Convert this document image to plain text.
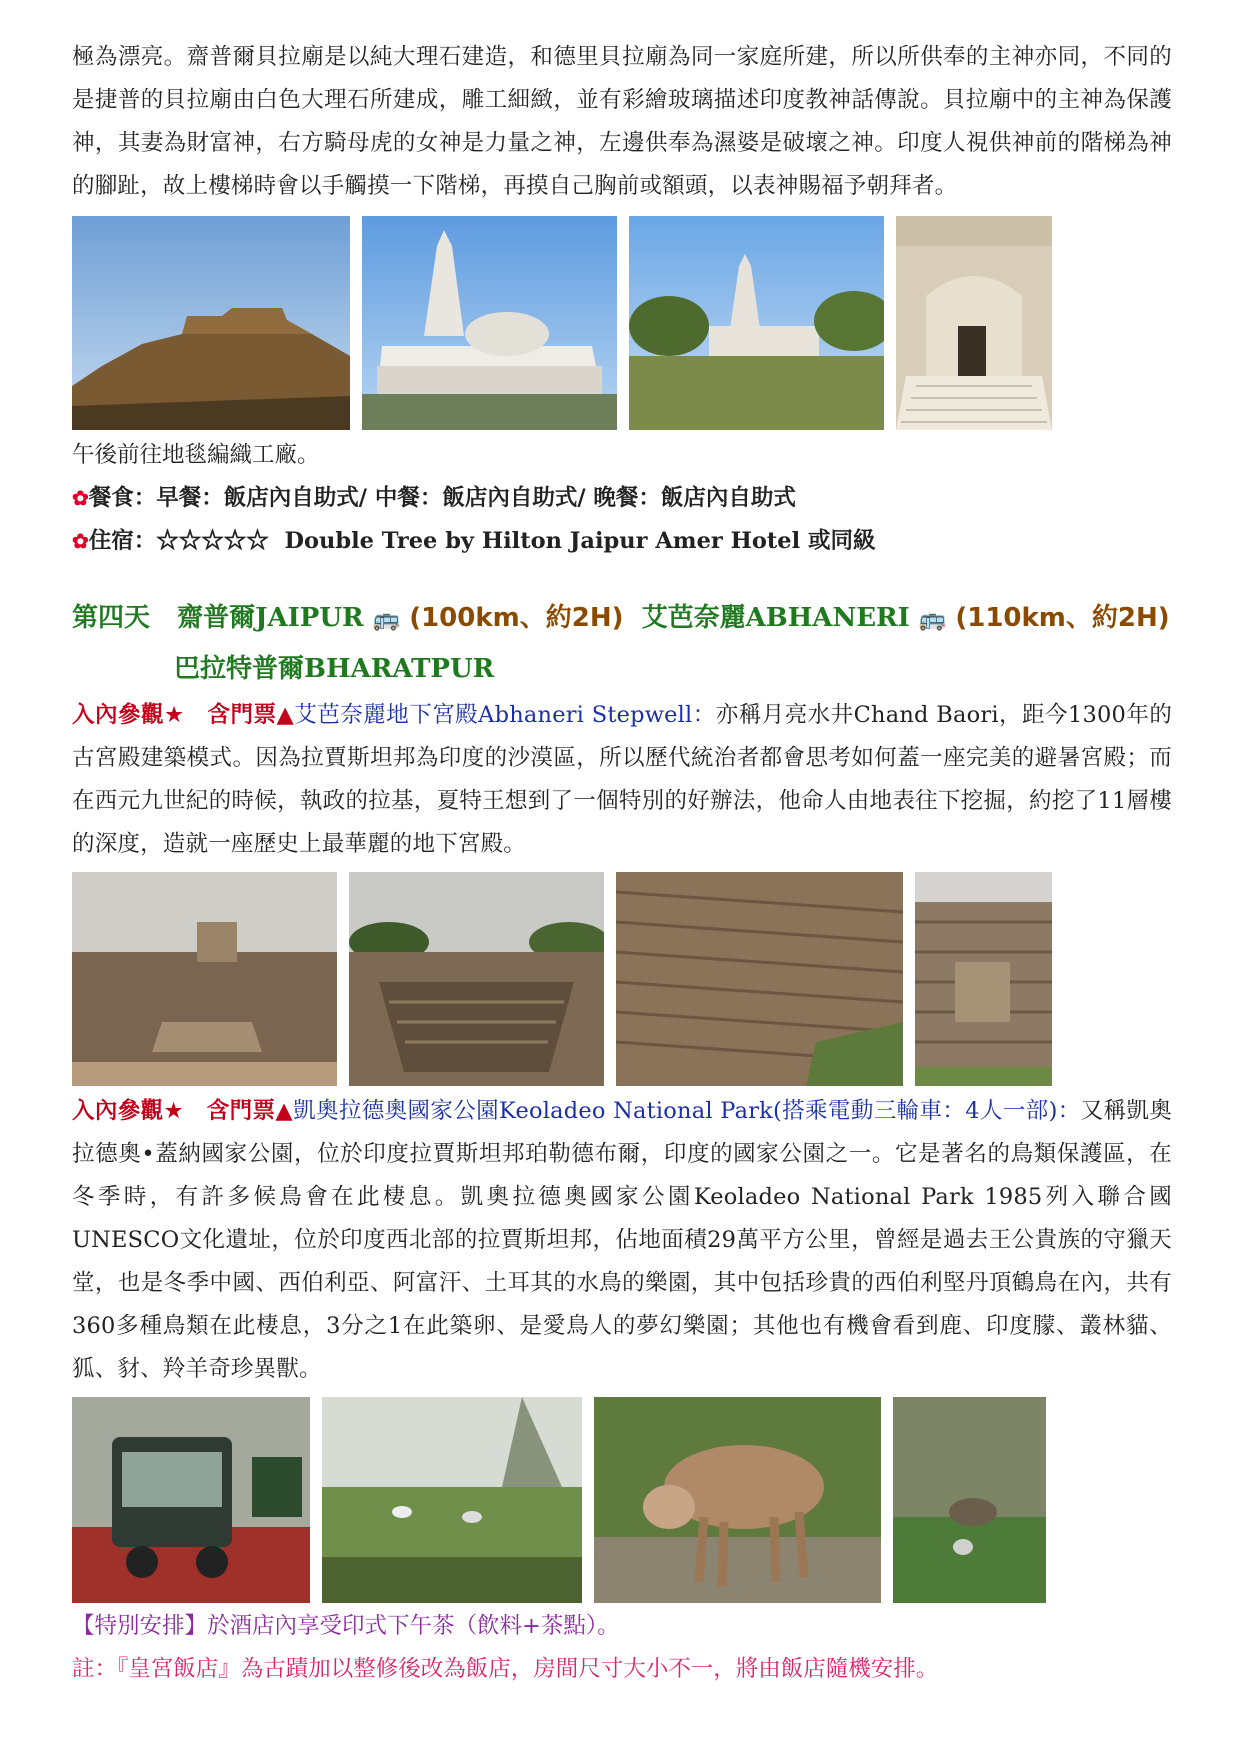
極為漂亮。齋普爾貝拉廟是以純大理石建造，和德里貝拉廟為同一家庭所建，所以所供奉的主神亦同，不同的是捷普的貝拉廟由白色大理石所建成，雕工細緻，並有彩繪玻璃描述印度教神話傳說。貝拉廟中的主神為保護神，其妻為財富神，右方騎母虎的女神是力量之神，左邊供奉為濕婆是破壞之神。印度人視供神前的階梯為神的腳趾，故上樓梯時會以手觸摸一下階梯，再摸自己胸前或額頭，以表神賜福予朝拜者。

午後前往地毯編織工廠。

✿餐食：早餐：飯店內自助式/ 中餐：飯店內自助式/ 晚餐：飯店內自助式

✿住宿：☆☆☆☆☆ Double Tree by Hilton Jaipur Amer Hotel 或同級

第四天 齋普爾JAIPUR 🚌 (100km、約2H) 艾芭奈麗ABHANERI 🚌 (110km、約2H)

巴拉特普爾BHARATPUR

入內參觀★ 含門票▲艾芭奈麗地下宮殿Abhaneri Stepwell：亦稱月亮水井Chand Baori，距今1300年的古宮殿建築模式。因為拉賈斯坦邦為印度的沙漠區，所以歷代統治者都會思考如何蓋一座完美的避暑宮殿；而在西元九世紀的時候，執政的拉基，夏特王想到了一個特別的好辦法，他命人由地表往下挖掘，約挖了11層樓的深度，造就一座歷史上最華麗的地下宮殿。

入內參觀★ 含門票▲凱奧拉德奧國家公園Keoladeo National Park(搭乘電動三輪車：4人一部)：又稱凱奧拉德奧•蓋納國家公園，位於印度拉賈斯坦邦珀勒德布爾，印度的國家公園之一。它是著名的鳥類保護區，在冬季時，有許多候鳥會在此棲息。凱奧拉德奧國家公園Keoladeo National Park 1985列入聯合國UNESCO文化遺址，位於印度西北部的拉賈斯坦邦，佔地面積29萬平方公里，曾經是過去王公貴族的守獵天堂，也是冬季中國、西伯利亞、阿富汗、土耳其的水鳥的樂園，其中包括珍貴的西伯利堅丹頂鶴鳥在內，共有360多種鳥類在此棲息，3分之1在此築卵、是愛鳥人的夢幻樂園；其他也有機會看到鹿、印度朦、叢林貓、狐、豺、羚羊奇珍異獸。

【特別安排】於酒店內享受印式下午茶（飲料+茶點）。

註：『皇宮飯店』為古蹟加以整修後改為飯店，房間尺寸大小不一，將由飯店隨機安排。
